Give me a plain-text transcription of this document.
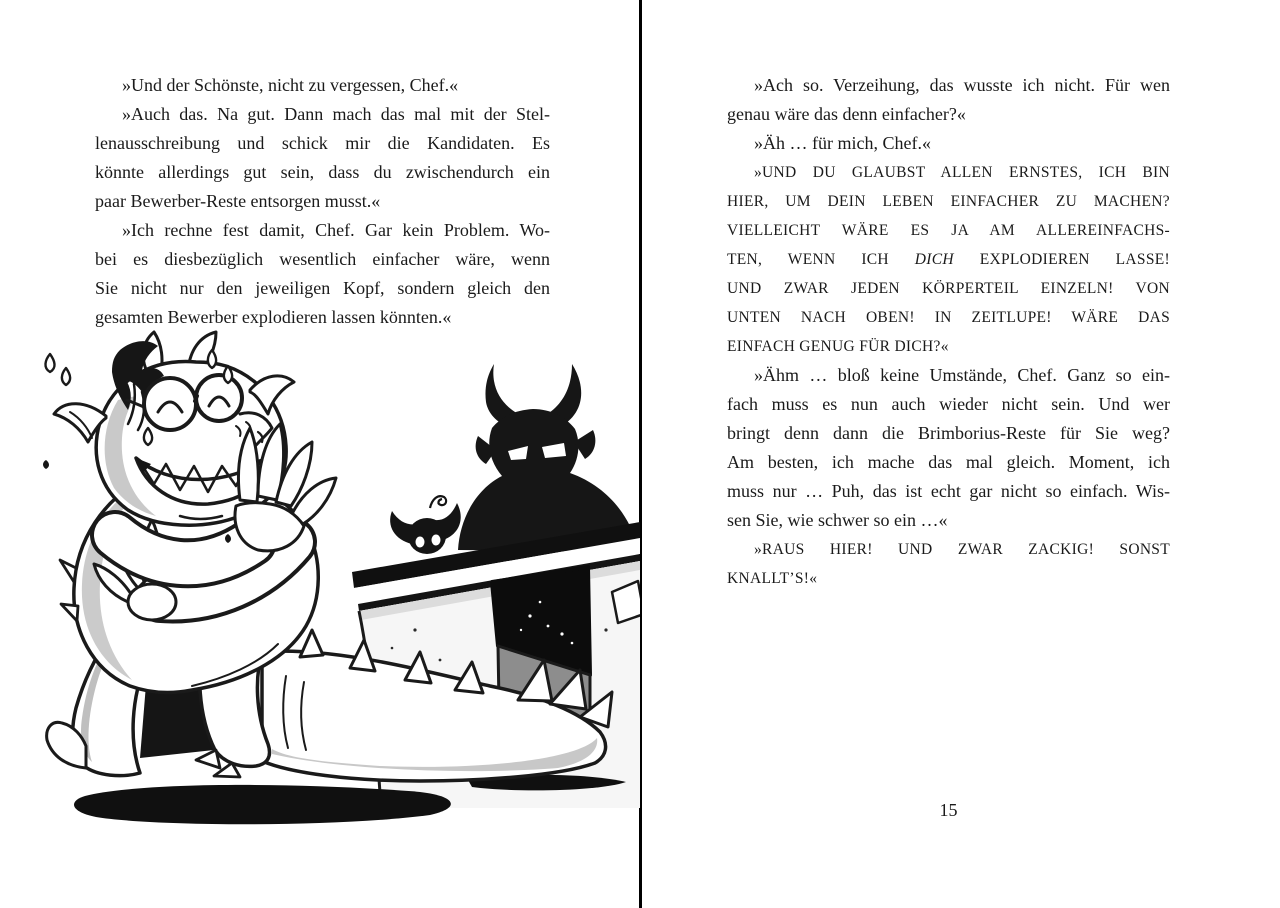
»Und der Schönste, nicht zu vergessen, Chef.«
»Auch das. Na gut. Dann mach das mal mit der Stel-
lenausschreibung und schick mir die Kandidaten. Es
könnte allerdings gut sein, dass du zwischendurch ein
paar Bewerber-Reste entsorgen musst.«
»Ich rechne fest damit, Chef. Gar kein Problem. Wo-
bei es diesbezüglich wesentlich einfacher wäre, wenn
Sie nicht nur den jeweiligen Kopf, sondern gleich den
gesamten Bewerber explodieren lassen könnten.«
»Ach so. Verzeihung, das wusste ich nicht. Für wen
genau wäre das denn einfacher?«
»Äh … für mich, Chef.«
»UND DU GLAUBST ALLEN ERNSTES, ICH BIN
HIER, UM DEIN LEBEN EINFACHER ZU MACHEN?
VIELLEICHT WÄRE ES JA AM ALLEREINFACHS-
TEN, WENN ICH DICH EXPLODIEREN LASSE!
UND ZWAR JEDEN KÖRPERTEIL EINZELN! VON
UNTEN NACH OBEN! IN ZEITLUPE! WÄRE DAS
EINFACH GENUG FÜR DICH?«
»Ähm … bloß keine Umstände, Chef. Ganz so ein-
fach muss es nun auch wieder nicht sein. Und wer
bringt denn dann die Brimborius-Reste für Sie weg?
Am besten, ich mache das mal gleich. Moment, ich
muss nur … Puh, das ist echt gar nicht so einfach. Wis-
sen Sie, wie schwer so ein …«
»RAUS HIER! UND ZWAR ZACKIG! SONST
KNALLT’S!«
15
